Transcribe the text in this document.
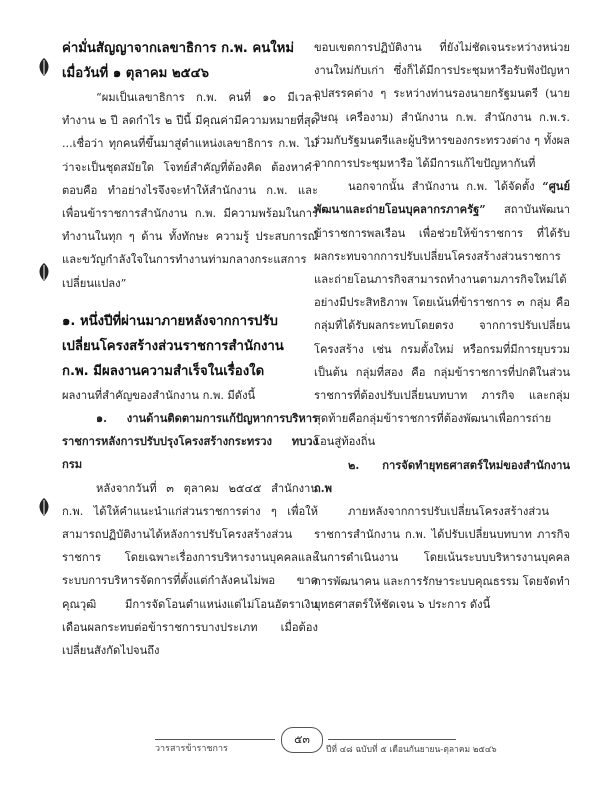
ค่ามั่นสัญญาจากเลขาธิการ ก.พ. คนใหม่
เมื่อวันที่ ๑ ตุลาคม ๒๕๔๖

“ผมเป็นเลขาธิการ ก.พ. คนที่ ๑๐ มีเวลาทำงาน ๒ ปี ลดกำไร ๒ ปีนี้ มีคุณค่ามีความหมายที่สุด ...เชื่อว่า ทุกคนที่ขึ้นมาสู่ตำแหน่งเลขาธิการ ก.พ. ไม่ว่าจะเป็นชุดสมัยใด โจทย์สำคัญที่ต้องคิด ต้องหาคำตอบคือ ทำอย่างไรจึงจะทำให้สำนักงาน ก.พ. และเพื่อนข้าราชการสำนักงาน ก.พ. มีความพร้อมในการทำงานในทุก ๆ ด้าน ทั้งทักษะ ความรู้ ประสบการณ์ และขวัญกำลังใจในการทำงานท่ามกลางกระแสการเปลี่ยนแปลง”

๑. หนึ่งปีที่ผ่านมาภายหลังจากการปรับ
เปลี่ยนโครงสร้างส่วนราชการสำนักงาน
ก.พ. มีผลงานความสำเร็จในเรื่องใด

ผลงานที่สำคัญของสำนักงาน ก.พ. มีดังนี้

๑. งานด้านติดตามการแก้ปัญหาการบริหารราชการหลังการปรับปรุงโครงสร้างกระทรวง ทบวง กรม

หลังจากวันที่ ๓ ตุลาคม ๒๕๔๕ สำนักงาน ก.พ. ได้ให้คำแนะนำแก่ส่วนราชการต่าง ๆ เพื่อให้สามารถปฏิบัติงานได้หลังการปรับโครงสร้างส่วนราชการ โดยเฉพาะเรื่องการบริหารงานบุคคลและระบบการบริหารจัดการที่ตั้งแต่กำลังคนไม่พอ ขาดคุณวุฒิ มีการจัดโอนตำแหน่งแต่ไม่โอนอัตราเงินเดือนผลกระทบต่อข้าราชการบางประเภท เมื่อต้องเปลี่ยนสังกัดไปจนถึง

ขอบเขตการปฏิบัติงาน ที่ยังไม่ชัดเจนระหว่างหน่วยงานใหม่กับเก่า ซึ่งก็ได้มีการประชุมหารือรับฟังปัญหาอุปสรรคต่าง ๆ ระหว่างท่านรองนายกรัฐมนตรี (นายวิษณุ เครืองาม) สำนักงาน ก.พ. สำนักงาน ก.พ.ร. ร่วมกับรัฐมนตรีและผู้บริหารของกระทรวงต่าง ๆ ทั้งผลจากการประชุมหารือ ได้มีการแก้ไขปัญหากันที่

นอกจากนั้น สำนักงาน ก.พ. ได้จัดตั้ง “ศูนย์พัฒนาและถ่ายโอนบุคลากรภาครัฐ” สถาบันพัฒนาข้าราชการพลเรือน เพื่อช่วยให้ข้าราชการ ที่ได้รับผลกระทบจากการปรับเปลี่ยนโครงสร้างส่วนราชการและถ่ายโอนภารกิจสามารถทำงานตามภารกิจใหม่ได้อย่างมีประสิทธิภาพ โดยเน้นที่ข้าราชการ ๓ กลุ่ม คือกลุ่มที่ได้รับผลกระทบโดยตรง จากการปรับเปลี่ยนโครงสร้าง เช่น กรมตั้งใหม่ หรือกรมที่มีการยุบรวม เป็นต้น กลุ่มที่สอง คือ กลุ่มข้าราชการที่ปกติในส่วน ราชการที่ต้องปรับเปลี่ยนบทบาท ภารกิจ และกลุ่มสุดท้ายคือกลุ่มข้าราชการที่ต้องพัฒนาเพื่อการถ่ายโอนสู่ท้องถิ่น

๒. การจัดทำยุทธศาสตร์ใหม่ของสำนักงาน ก.พ

ภายหลังจากการปรับเปลี่ยนโครงสร้างส่วนราชการสำนักงาน ก.พ. ได้ปรับเปลี่ยนบทบาท ภารกิจในการดำเนินงาน โดยเน้นระบบบริหารงานบุคคล การพัฒนาคน และการรักษาระบบคุณธรรม โดยจัดทำยุทธศาสตร์ให้ชัดเจน ๖ ประการ ดังนี้

วารสารข้าราชการ
๕๓
ปีที่ ๔๘ ฉบับที่ ๕ เดือนกันยายน-ตุลาคม ๒๕๔๖
